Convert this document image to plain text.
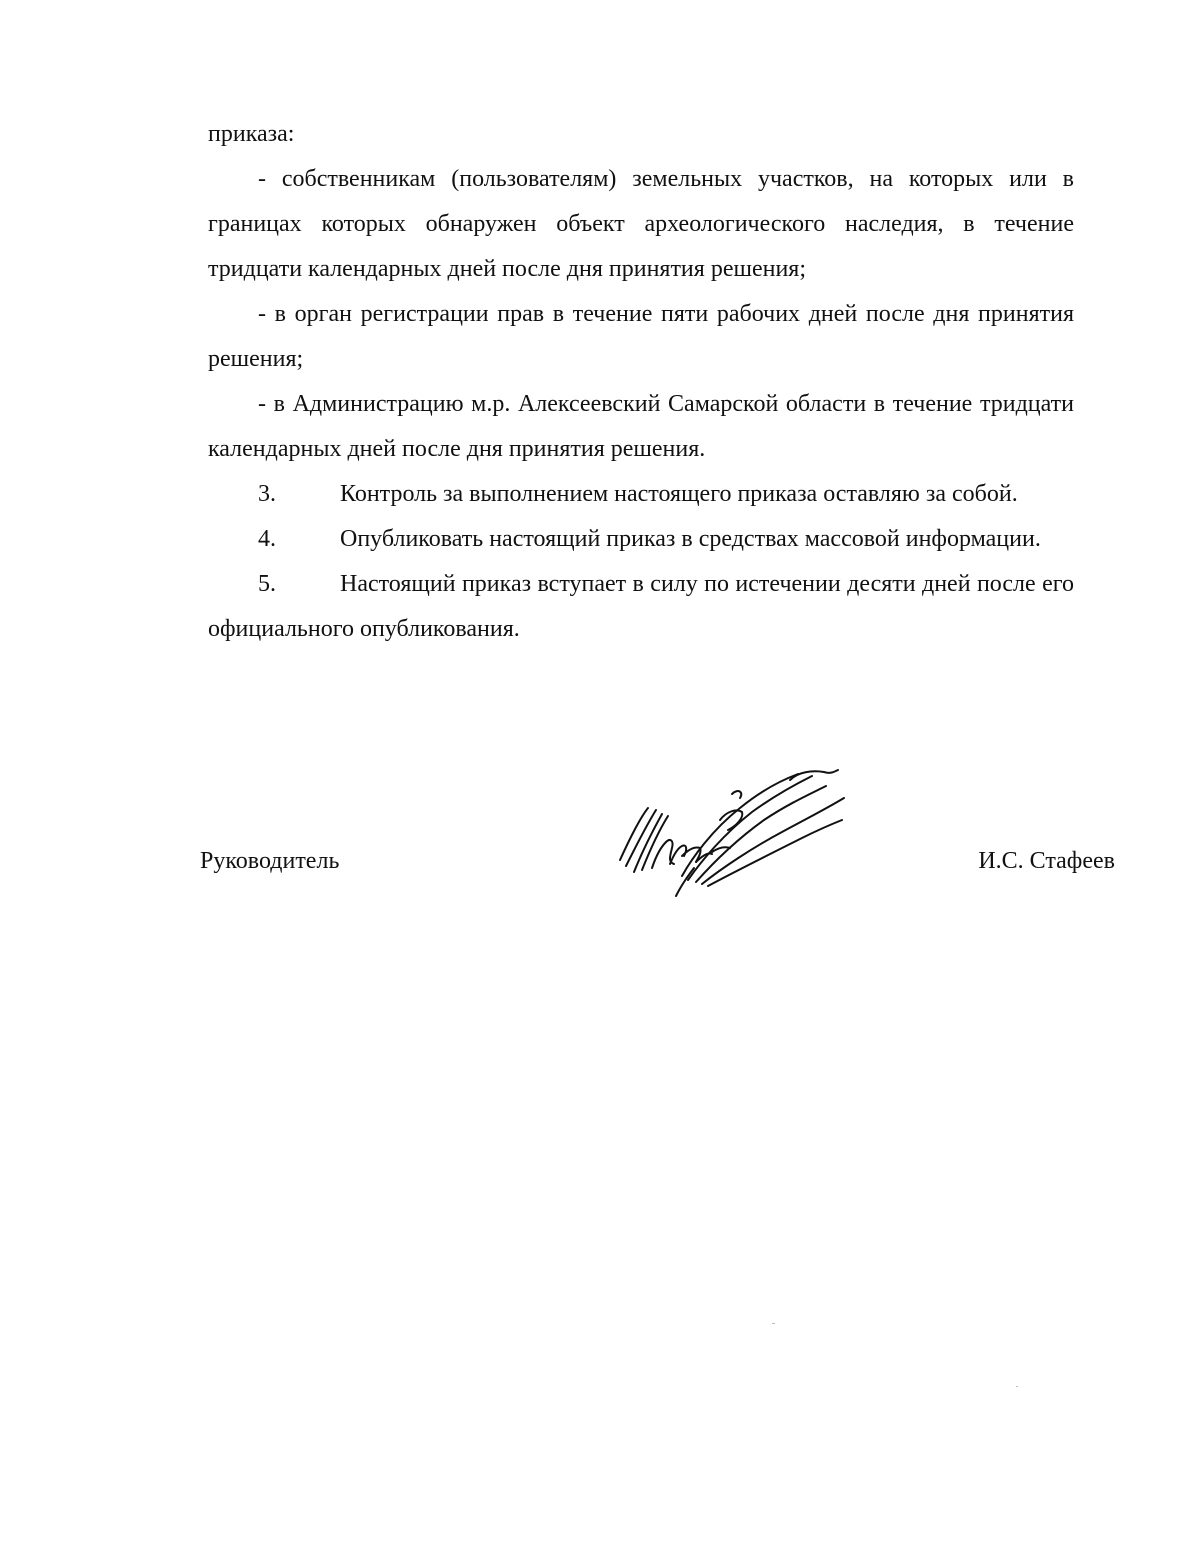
приказа:

- собственникам (пользователям) земельных участков, на которых или в границах которых обнаружен объект археологического наследия, в течение тридцати календарных дней после дня принятия решения;

- в орган регистрации прав в течение пяти рабочих дней после дня принятия решения;

- в Администрацию м.р. Алексеевский Самарской области в течение тридцати календарных дней после дня принятия решения.

3.	Контроль за выполнением настоящего приказа оставляю за собой.

4.	Опубликовать настоящий приказ в средствах массовой информации.

5.	Настоящий приказ вступает в силу по истечении десяти дней после его официального опубликования.

Руководитель	И.С. Стафеев
